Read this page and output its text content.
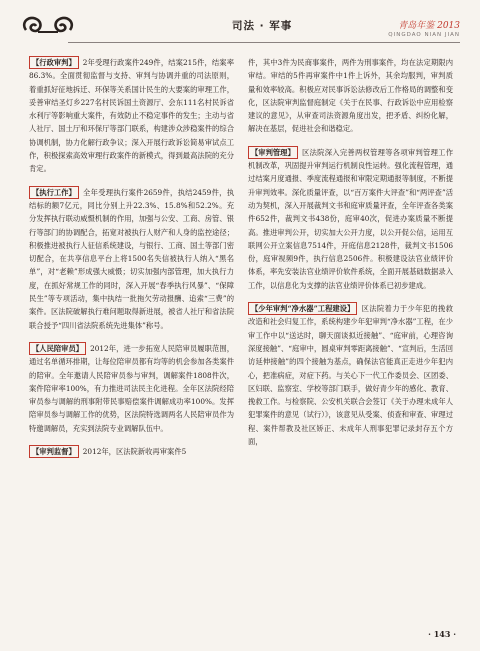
司法 · 军事	青岛年鉴 2013
QINGDAO NIAN JIAN

【行政审判】 2年受理行政案件249件，结案215件，结案率86.3%。全面贯彻监督与支持、审判与协调并重的司法原则，着重抓好征地拆迁、环保等关系国计民生的大要案的审理工作，妥善审结圣灯乡227名村民诉国土资源厅、会东111名村民诉省水利厅等影响重大案件，有效防止不稳定事件的发生；主动与省人社厅、国土厅和环保厅等部门联系，构建涉众涉稳案件的综合协调机制，协力化解行政争议；深入开展行政诉讼简易审试点工作，积极探索高效审理行政案件的新模式，得到最高法院的充分肯定。

【执行工作】 全年受理执行案件2659件，执结2459件，执结标的额7亿元，同比分别上升22.3%、15.8%和52.2%。充分发挥执行联动威慑机制的作用，加强与公安、工商、房管、银行等部门的协调配合，拓宽对被执行人财产和人身的监控途径；积极推进被执行人征信系统建设，与银行、工商、国土等部门密切配合，在共享信息平台上将1500名失信被执行人纳入“黑名单”，对“老赖”形成强大威慑；切实加强内部管理，加大执行力度，在抓好常规工作的同时，深入开展“春季执行风暴”、“保障民生”等专项活动，集中执结一批拖欠劳动报酬、追索“三费”的案件。区法院破解执行难问题取得新进展，被省人社厅和省法院联合授予“四川省法院系统先进集体”称号。

【人民陪审员】 2012年，进一步拓宽人民陪审员履职范围，通过名单循环排期，让每位陪审员都有均等的机会参加各类案件的陪审。全年邀请人民陪审员参与审判，调解案件1808件次，案件陪审率100%，有力推进司法民主化进程。全年区法院经陪审员参与调解的刑事附带民事赔偿案件调解成功率100%。发挥陪审员参与调解工作的优势，区法院特选调两名人民陪审员作为特邀调解员，充实到法院专业调解队伍中。

【审判监督】 2012年，区法院新收再审案件5

件，其中3件为民商事案件，两件为刑事案件，均在法定期限内审结。审结的5件再审案件中1件上诉外，其余均服判，审判质量和效率较高。积极应对民事诉讼法修改后工作格局的调整和变化，区法院审判监督庭制定《关于在民事、行政诉讼中应用检察建议的意见》，从审查司法资源角度出发，把矛盾、纠纷化解，解决在基层，促进社会和谐稳定。

【审判管理】 区法院深入完善两权管理等各项审判管理工作机制改革，巩固提升审判运行机制良性运转。强化流程管理，通过结案月度通报、季度流程通报和审限定期通报等制度，不断提升审判效率。深化质量评查，以“百万案件大评查”和“两评查”活动为契机，深入开展裁判文书和庭审质量评查，全年评查各类案件652件，裁判文书438份，庭审40次，促进办案质量不断提高。推进审判公开，切实加大公开力度，以公开促公信，运用互联网公开立案信息7514件，开庭信息2128件，裁判文书1506份，庭审视频9件，执行信息2506件。积极建设法官业绩评价体系，率先安装法官业绩评价软件系统，全面开展基础数据录入工作，以信息化为支撑的法官业绩评价体系已初步建成。

【少年审判“净水器”工程建设】 区法院着力于少年犯的挽救改造和社会归复工作，系统构建少年犯审判“净水器”工程，在少审工作中以“送达时，聊天面谈拟近接触”、“庭审前，心理咨询深度接触”、“庭审中，圆桌审判零距离接触”、“宣判后，生活回访延伸接触”的四个接触为基点，确保法官能真正走进少年犯内心，把准病症，对症下药。与关心下一代工作委员会、区团委、区妇联、监察室、学校等部门联手，做好青少年的感化、教育、挽救工作。与检察院、公安机关联合会签订《关于办理未成年人犯罪案件的意见（试行）》，该意见从受案、侦查和审查、审理过程、案件帮教及社区矫正、未成年人刑事犯罪记录封存五个方面，

· 143 ·
